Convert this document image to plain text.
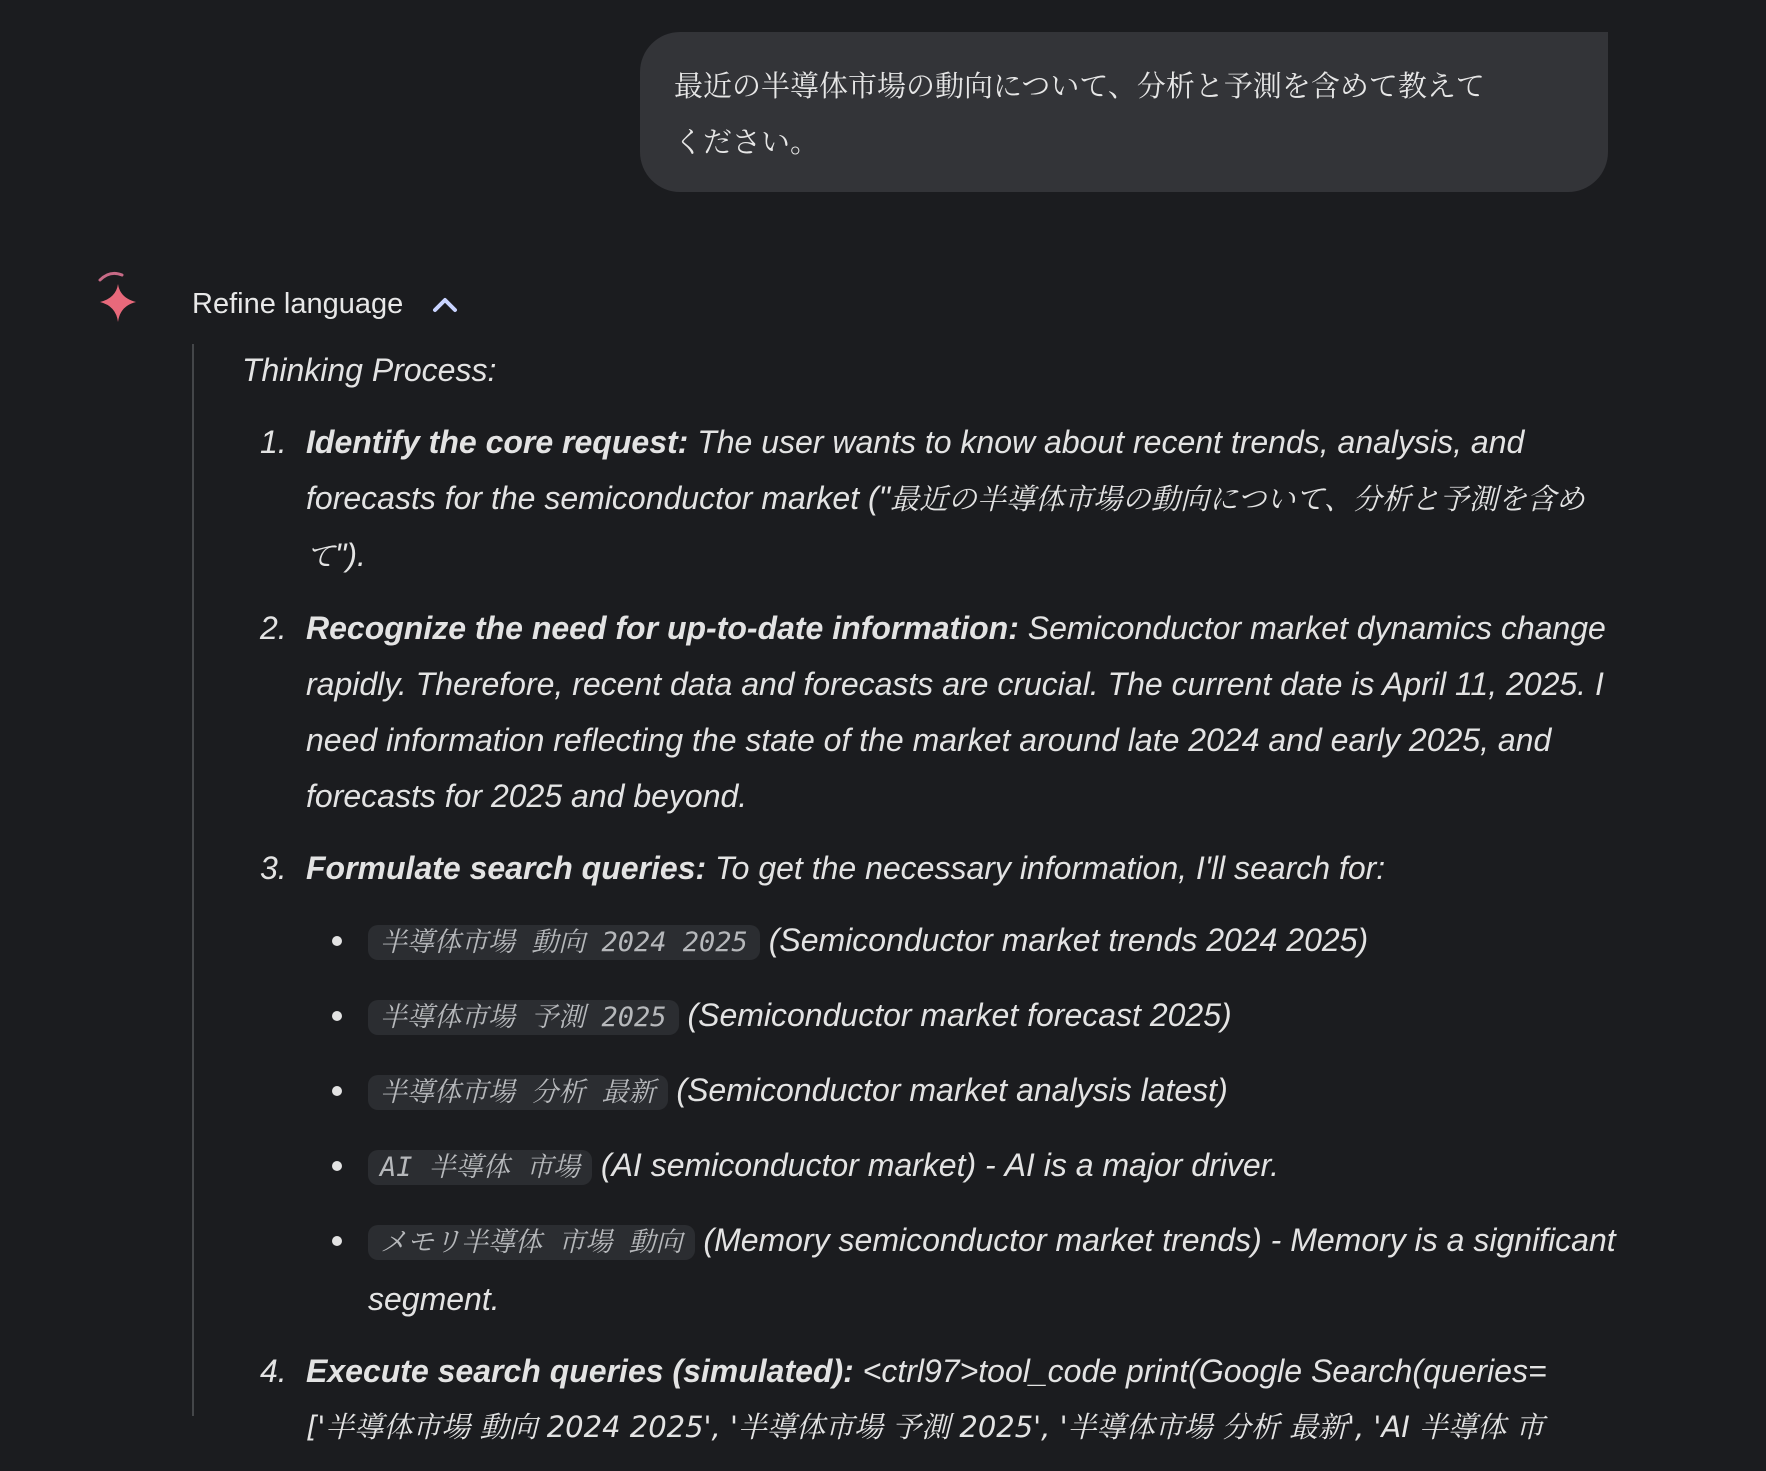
最近の半導体市場の動向について、分析と予測を含めて教えて
ください。
Refine language
Thinking Process:
1. Identify the core request: The user wants to know about recent trends, analysis, and forecasts for the semiconductor market ("最近の半導体市場の動向について、分析と予測を含めて").
2. Recognize the need for up-to-date information: Semiconductor market dynamics change rapidly. Therefore, recent data and forecasts are crucial. The current date is April 11, 2025. I need information reflecting the state of the market around late 2024 and early 2025, and forecasts for 2025 and beyond.
3. Formulate search queries: To get the necessary information, I'll search for:
半導体市場 動向 2024 2025 (Semiconductor market trends 2024 2025)
半導体市場 予測 2025 (Semiconductor market forecast 2025)
半導体市場 分析 最新 (Semiconductor market analysis latest)
AI 半導体 市場 (AI semiconductor market) - AI is a major driver.
メモリ半導体 市場 動向 (Memory semiconductor market trends) - Memory is a significant segment.
4. Execute search queries (simulated): <ctrl97>tool_code print(Google Search(queries=
['半導体市場 動向 2024 2025', '半導体市場 予測 2025', '半導体市場 分析 最新', 'AI 半導体 市
